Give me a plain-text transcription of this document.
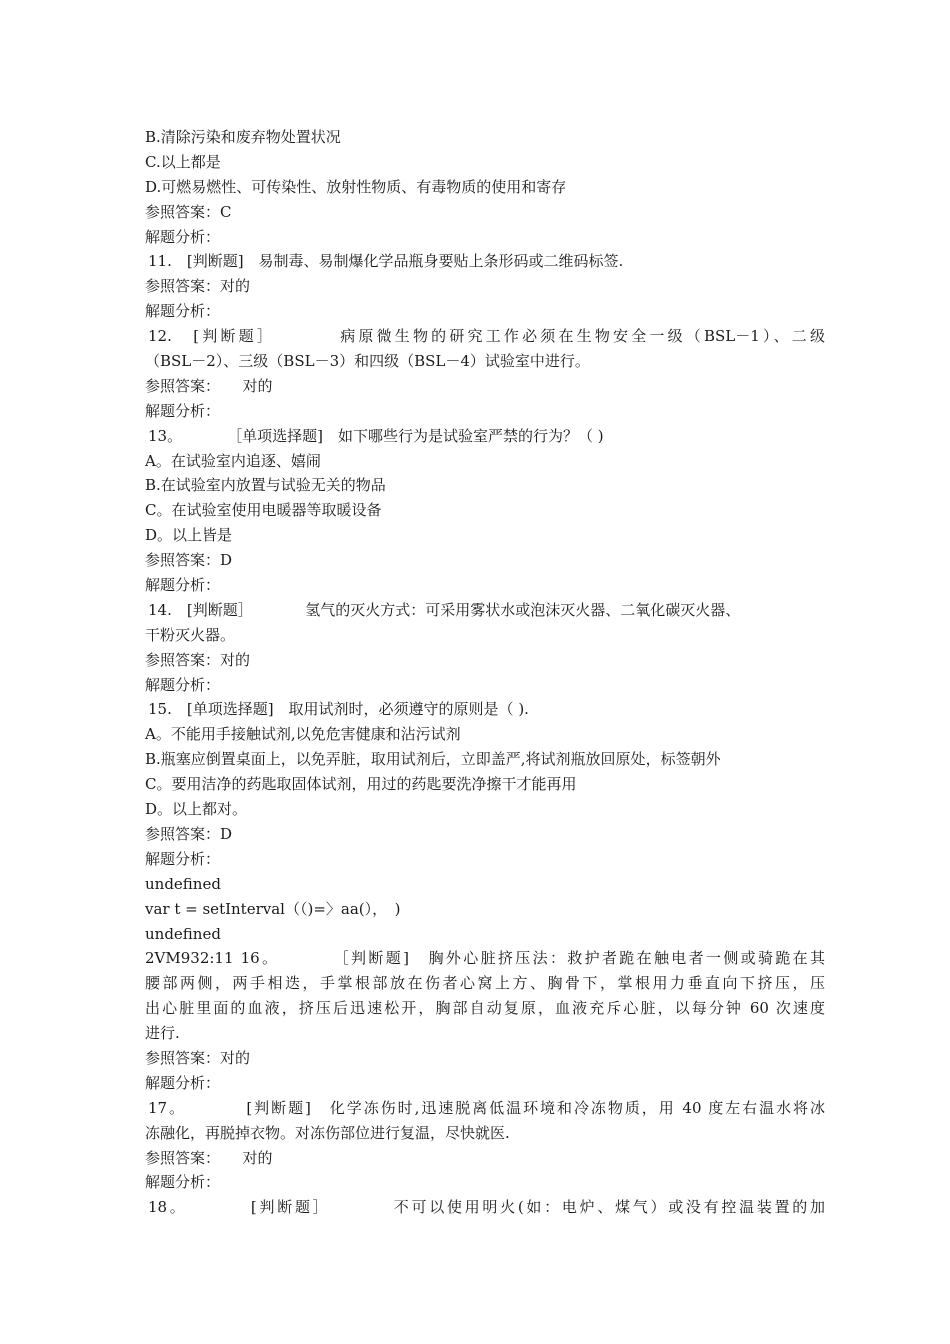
B.清除污染和废弃物处置状况
C.以上都是
D.可燃易燃性、可传染性、放射性物质、有毒物质的使用和寄存
参照答案：C
解题分析：
11.　[判断题]　易制毒、易制爆化学品瓶身要贴上条形码或二维码标签.
参照答案：对的
解题分析：
12.　[判断题］　　　　病原微生物的研究工作必须在生物安全一级（BSL－1）、二级
（BSL－2）、三级（BSL－3）和四级（BSL－4）试验室中进行。
参照答案：　　对的
解题分析：
13。　　　　［单项选择题]　如下哪些行为是试验室严禁的行为？（ )
A。在试验室内追逐、嬉闹
B.在试验室内放置与试验无关的物品
C。在试验室使用电暖器等取暖设备
D。以上皆是
参照答案：D
解题分析：
14.　[判断题］　　　　氢气的灭火方式：可采用雾状水或泡沫灭火器、二氧化碳灭火器、
干粉灭火器。
参照答案：对的
解题分析：
15.　[单项选择题]　取用试剂时，必须遵守的原则是（ ).
A。不能用手接触试剂,以免危害健康和沾污试剂
B.瓶塞应倒置桌面上，以免弄脏，取用试剂后，立即盖严,将试剂瓶放回原处，标签朝外
C。要用洁净的药匙取固体试剂，用过的药匙要洗净擦干才能再用
D。以上都对。
参照答案：D
解题分析：
undefined
var t = setInterval（（)=〉aa(），　)
undefined
2VM932:11 16。　　　　［判断题]　胸外心脏挤压法：救护者跪在触电者一侧或骑跪在其
腰部两侧，两手相迭，手掌根部放在伤者心窝上方、胸骨下，掌根用力垂直向下挤压，压
出心脏里面的血液，挤压后迅速松开，胸部自动复原，血液充斥心脏，以每分钟 60 次速度
进行.
参照答案：对的
解题分析：
17。　　　　[判断题]　化学冻伤时,迅速脱离低温环境和冷冻物质，用 40 度左右温水将冰
冻融化，再脱掉衣物。对冻伤部位进行复温，尽快就医.
参照答案：　　对的
解题分析：
18。　　　　[判断题］　　　　不可以使用明火(如：电炉、煤气）或没有控温装置的加
